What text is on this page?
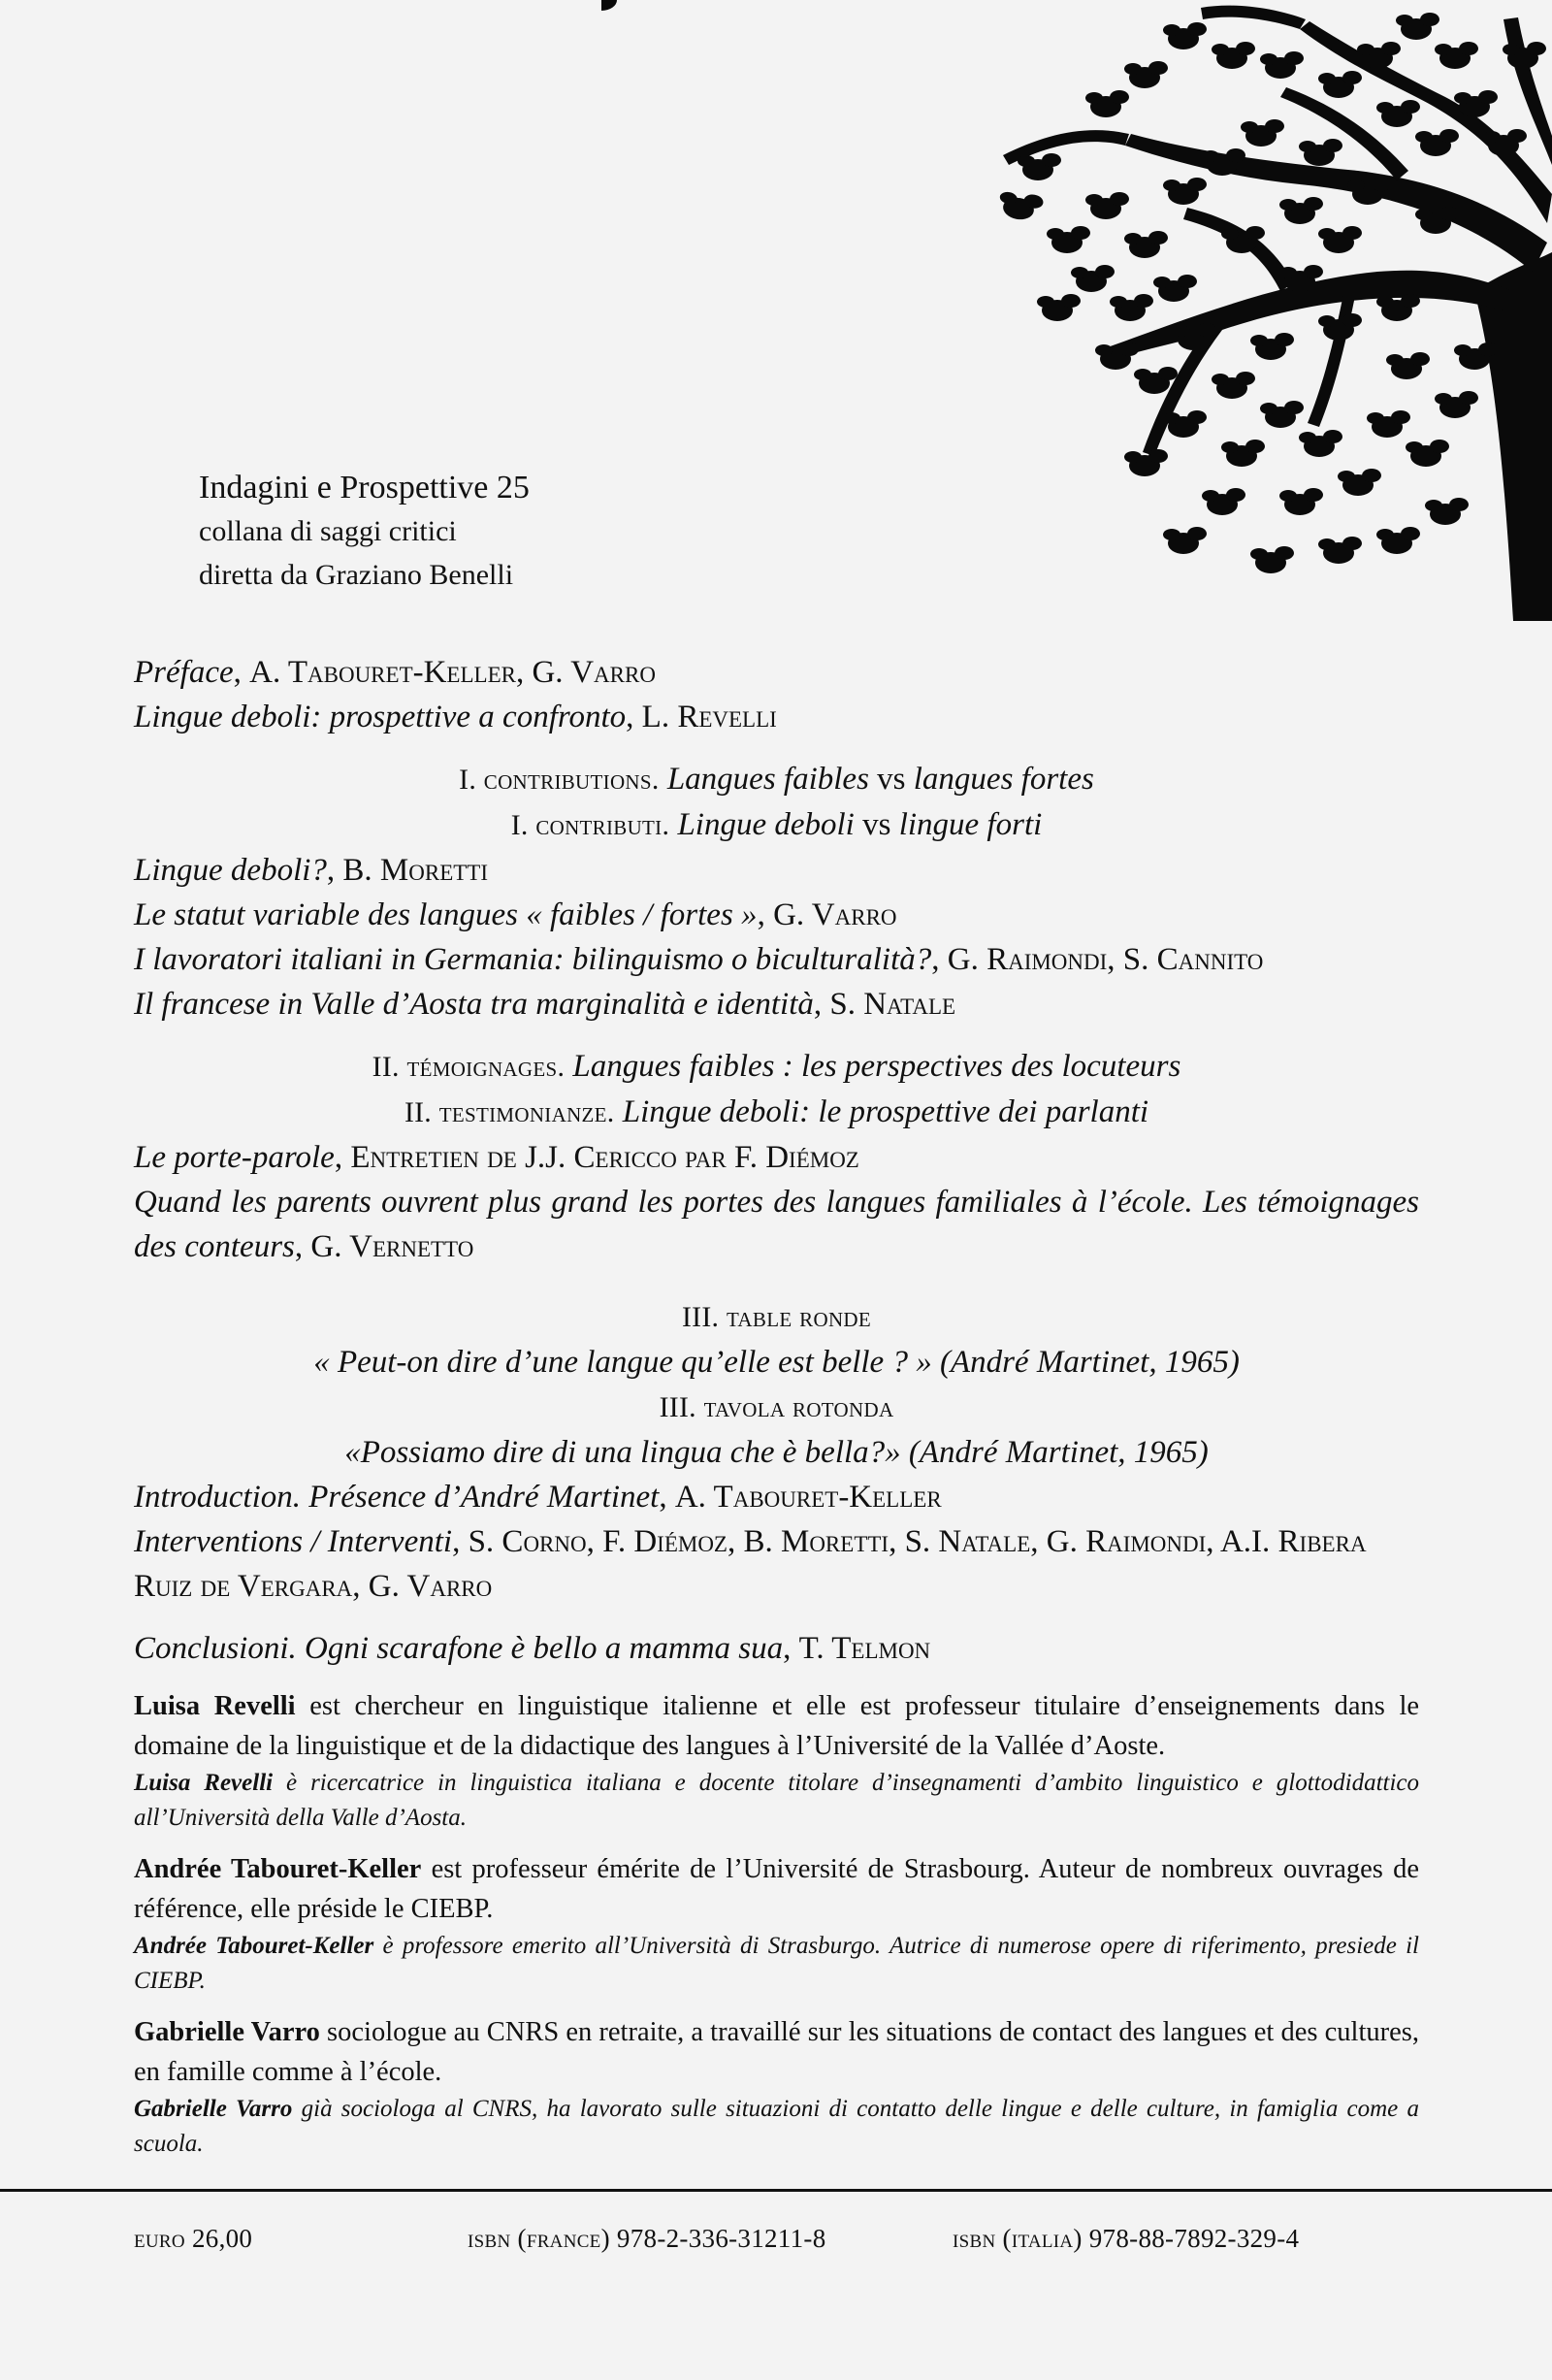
Indagini e Prospettive 25
collana di saggi critici
diretta da Graziano Benelli
Préface, A. Tabouret-Keller, G. Varro
Lingue deboli: prospettive a confronto, L. Revelli
I. contributions. Langues faibles vs langues fortes
I. contributi. Lingue deboli vs lingue forti
Lingue deboli?, B. Moretti
Le statut variable des langues « faibles / fortes », G. Varro
I lavoratori italiani in Germania: bilinguismo o biculturalità?, G. Raimondi, S. Cannito
Il francese in Valle d’Aosta tra marginalità e identità, S. Natale
II. témoignages. Langues faibles : les perspectives des locuteurs
II. testimonianze. Lingue deboli: le prospettive dei parlanti
Le porte-parole, Entretien de J.J. Cericco par F. Diémoz
Quand les parents ouvrent plus grand les portes des langues familiales à l’école. Les témoignages des conteurs, G. Vernetto
III. table ronde
« Peut-on dire d’une langue qu’elle est belle ? » (André Martinet, 1965)
III. tavola rotonda
«Possiamo dire di una lingua che è bella?» (André Martinet, 1965)
Introduction. Présence d’André Martinet, A. Tabouret-Keller
Interventions / Interventi, S. Corno, F. Diémoz, B. Moretti, S. Natale, G. Raimondi, A.I. Ribera Ruiz de Vergara, G. Varro
Conclusioni. Ogni scarafone è bello a mamma sua, T. Telmon

Luisa Revelli est chercheur en linguistique italienne et elle est professeur titulaire d’enseignements dans le domaine de la linguistique et de la didactique des langues à l’Université de la Vallée d’Aoste.

Luisa Revelli è ricercatrice in linguistica italiana e docente titolare d’insegnamenti d’ambito linguistico e glottodidattico all’Università della Valle d’Aosta.

Andrée Tabouret-Keller est professeur émérite de l’Université de Strasbourg. Auteur de nombreux ouvrages de référence, elle préside le CIEBP.

Andrée Tabouret-Keller è professore emerito all’Università di Strasburgo. Autrice di numerose opere di riferimento, presiede il CIEBP.

Gabrielle Varro sociologue au CNRS en retraite, a travaillé sur les situations de contact des langues et des cultures, en famille comme à l’école.

Gabrielle Varro già sociologa al CNRS, ha lavorato sulle situazioni di contatto delle lingue e delle culture, in famiglia come a scuola.

euro 26,00	isbn (france) 978-2-336-31211-8	isbn (italia) 978-88-7892-329-4
